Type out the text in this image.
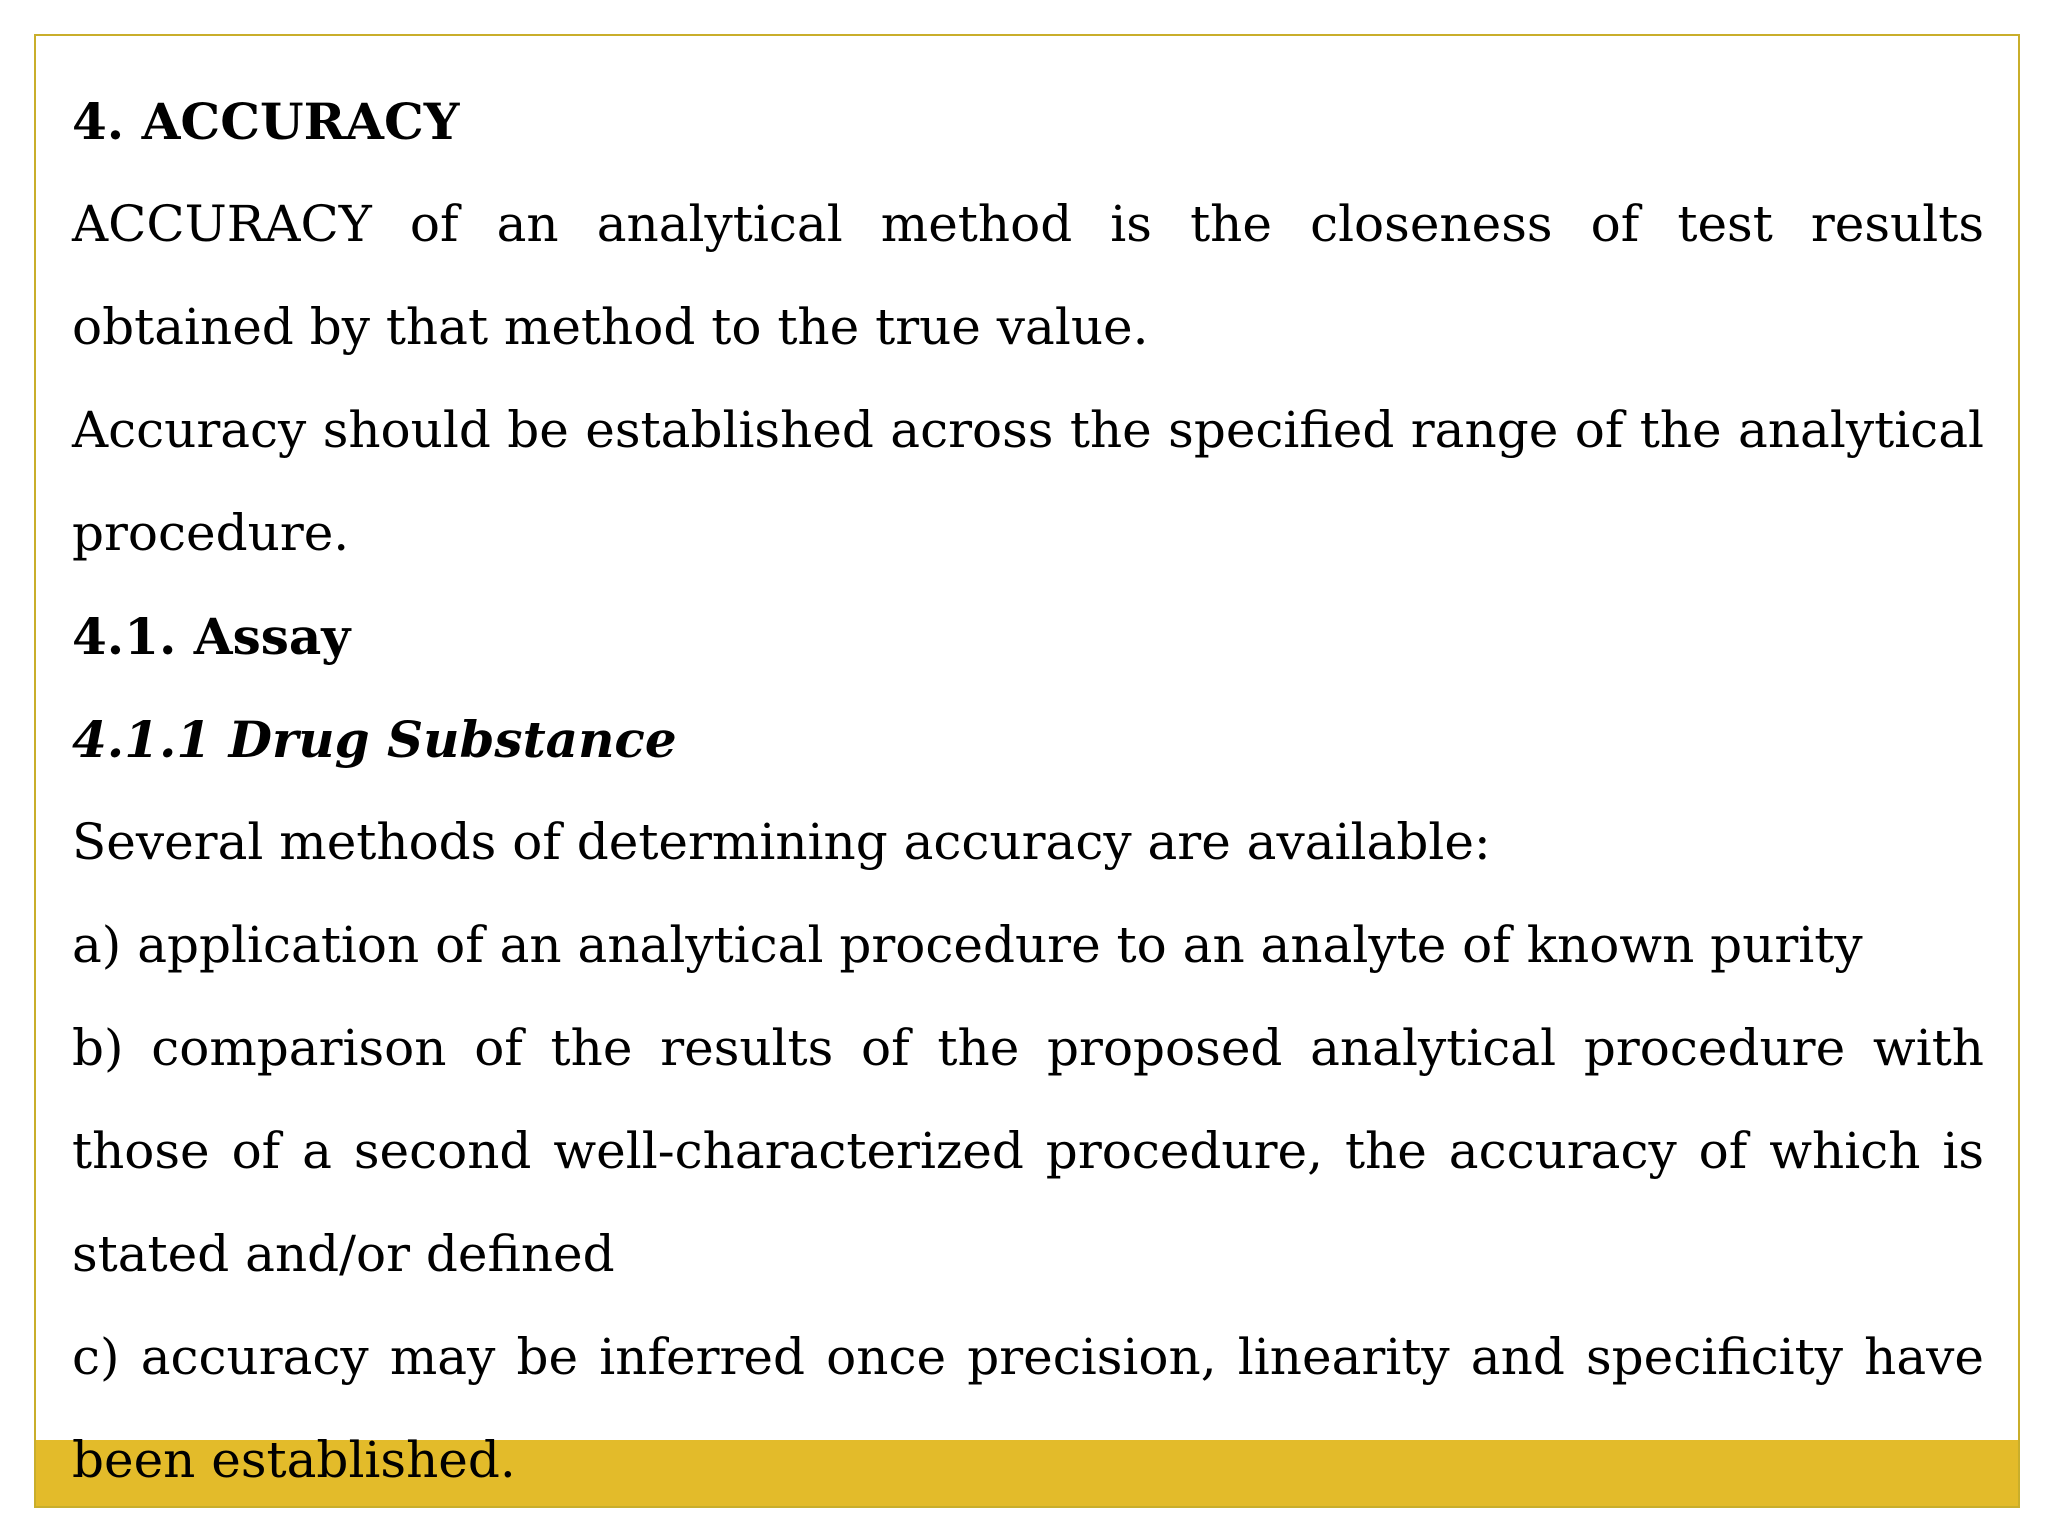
4. ACCURACY

ACCURACY of an analytical method is the closeness of test results obtained by that method to the true value.

Accuracy should be established across the specified range of the analytical procedure.

4.1. Assay

4.1.1 Drug Substance

Several methods of determining accuracy are available:

a) application of an analytical procedure to an analyte of known purity

b) comparison of the results of the proposed analytical procedure with those of a second well-characterized procedure, the accuracy of which is stated and/or defined

c) accuracy may be inferred once precision, linearity and specificity have been established.
